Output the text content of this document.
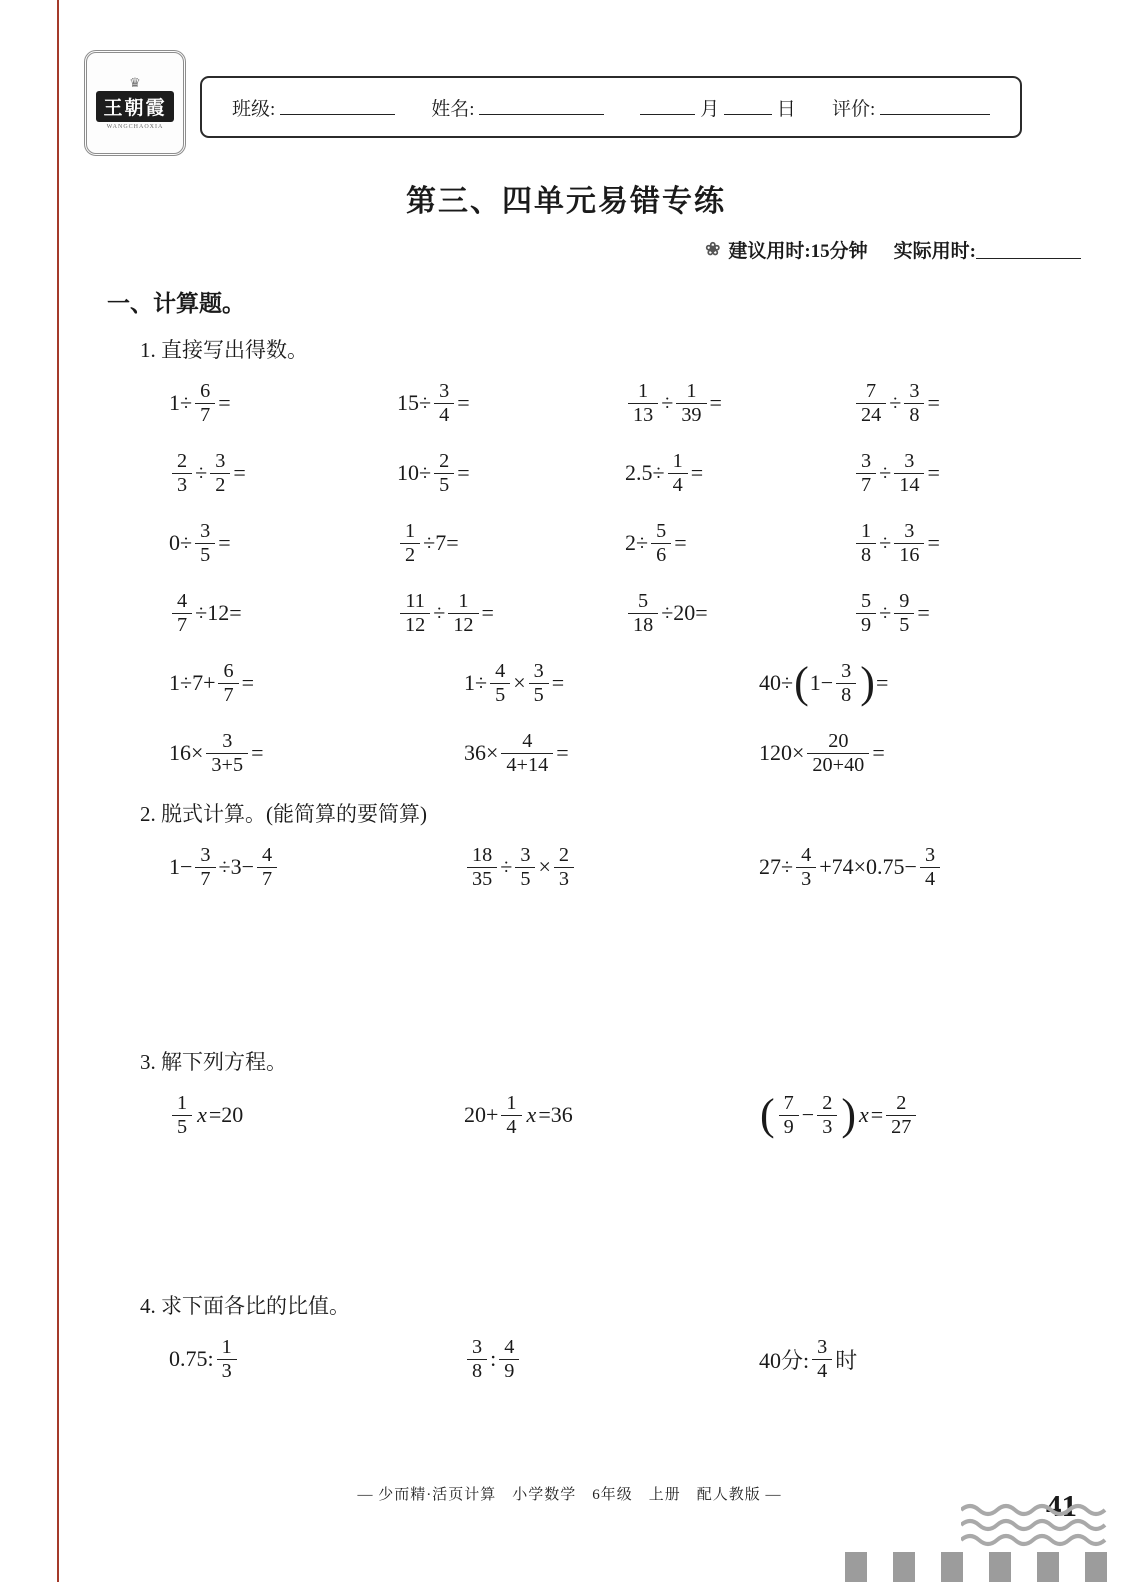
♛
王朝霞
WANGCHAOXIA
班级:	姓名:	月	日 评价:
第三、四单元易错专练
❀ 建议用时:15分钟 实际用时:
一、计算题。
1. 直接写出得数。
$1\div \frac{6}{7}$ =	$15\div \frac{3}{4}$ =	$\frac{1}{13} \div \frac{1}{39}$ =	$\frac{7}{24} \div \frac{3}{8}$ =
$\frac{2}{3} \div \frac{3}{2}$ =	$10\div \frac{2}{5}$ =	$2.5\div \frac{1}{4}$ =	$\frac{3}{7} \div \frac{3}{14}$ =
$0\div \frac{3}{5}$ =	$\frac{1}{2} \div 7=$	$2\div \frac{5}{6}$ =	$\frac{1}{8} \div \frac{3}{16}$ =
$\frac{4}{7} \div 12=$	$\frac{11}{12} \div \frac{1}{12}$ =	$\frac{5}{18} \div 20=$	$\frac{5}{9} \div \frac{9}{5}$ =
$1\div 7+ \frac{6}{7}$ =	$1\div \frac{4}{5} \times \frac{3}{5}$ =	40÷ ( $1- \frac{3}{8}$ ) =
$16\times \frac{3}{3+5}$ =	$36\times \frac{4}{4+14}$ =	$120\times \frac{20}{20+40}$ =
2. 脱式计算。(能简算的要简算)
$1- \frac{3}{7} \div 3- \frac{4}{7}$	$\frac{18}{35} \div \frac{3}{5} \times \frac{2}{3}$	$27\div \frac{4}{3} +74\times 0.75- \frac{3}{4}$
3. 解下列方程。
$\frac{1}{5}$ x =20	$20+ \frac{1}{4}$ x =36	( $\frac{7}{9} - \frac{2}{3}$ ) $x = \frac{2}{27}$
4. 求下面各比的比值。
0.75: $\frac{1}{3}$	$\frac{3}{8}$ : $\frac{4}{9}$	40分: $\frac{3}{4}$ 时
— 少而精·活页计算　小学数学　6年级　上册　配人教版 —	41
